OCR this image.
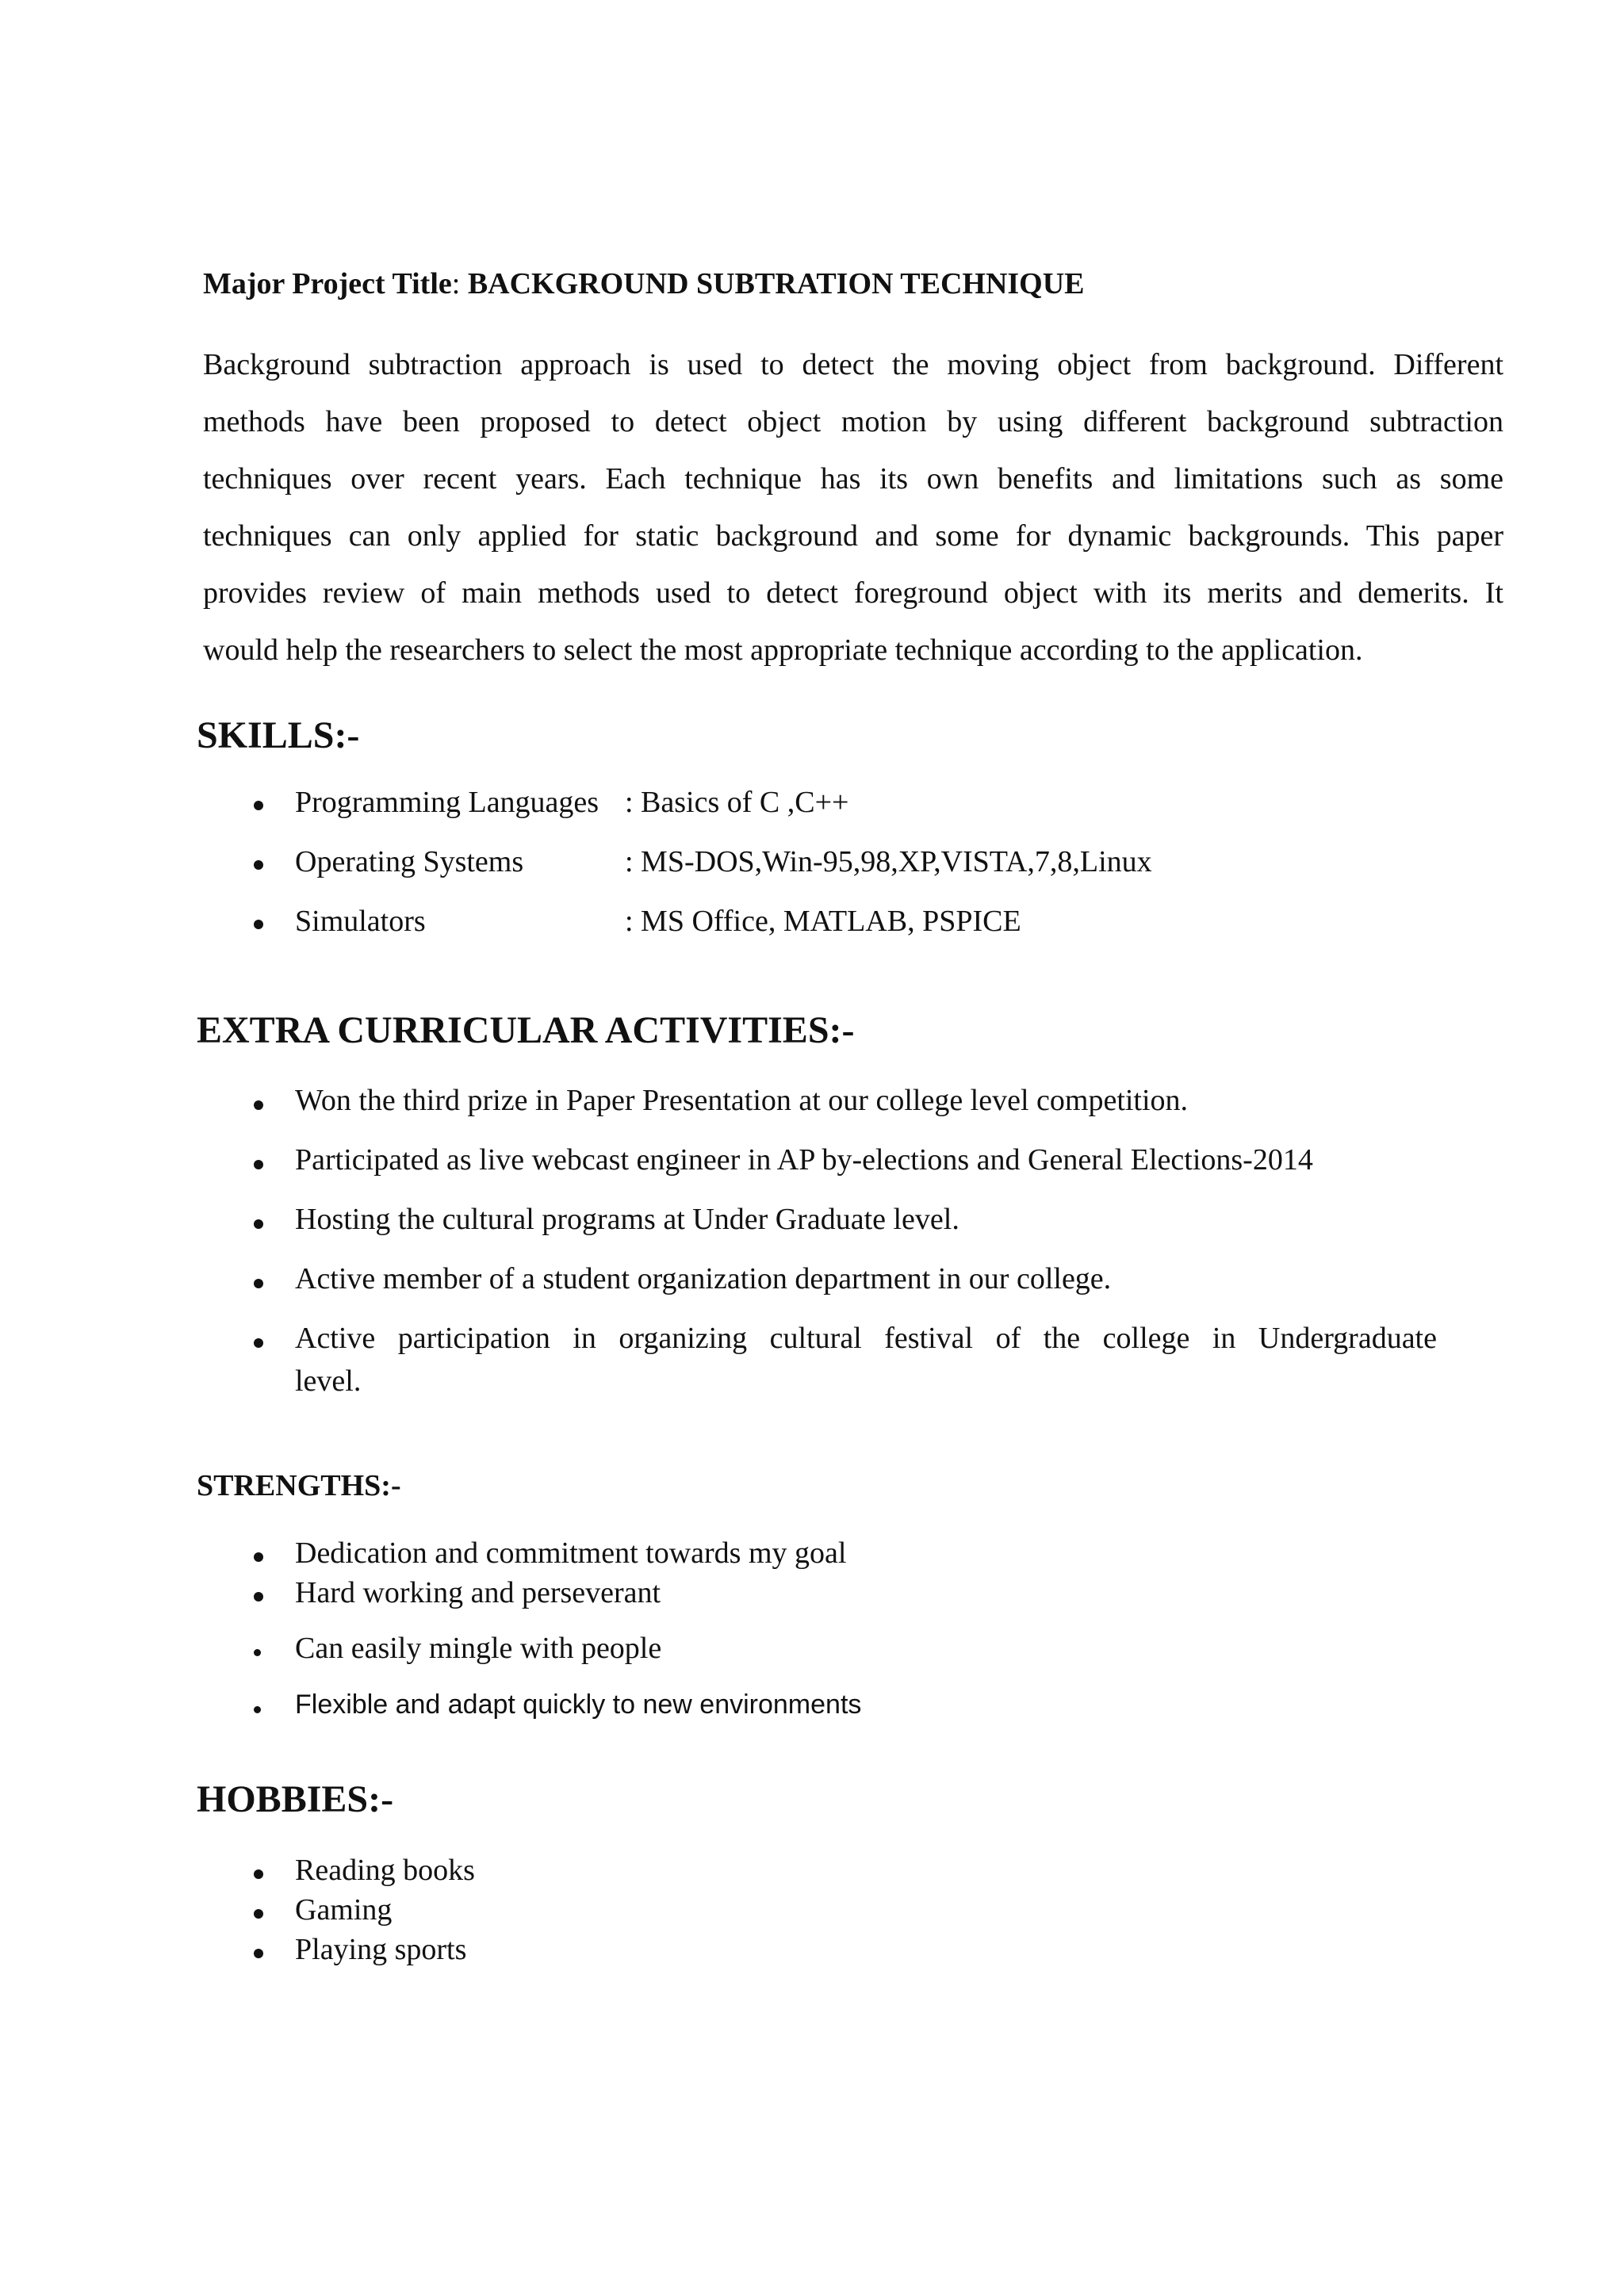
Major Project Title: BACKGROUND SUBTRATION TECHNIQUE
Background subtraction approach is used to detect the moving object from background. Different
methods have been proposed to detect object motion by using different background subtraction
techniques over recent years. Each technique has its own benefits and limitations such as some
techniques can only applied for static background and some for dynamic backgrounds. This paper
provides review of main methods used to detect foreground object with its merits and demerits. It
would help the researchers to select the most appropriate technique according to the application.
SKILLS:-
Programming Languages : Basics of C ,C++
Operating Systems	: MS-DOS,Win-95,98,XP,VISTA,7,8,Linux
Simulators	: MS Office, MATLAB, PSPICE
EXTRA CURRICULAR ACTIVITIES:-
Won the third prize in Paper Presentation at our college level competition.
Participated as live webcast engineer in AP by-elections and General Elections-2014
Hosting the cultural programs at Under Graduate level.
Active member of a student organization department in our college.
Active participation in organizing cultural festival of the college in Undergraduate
level.
STRENGTHS:-
Dedication and commitment towards my goal
Hard working and perseverant
Can easily mingle with people
Flexible and adapt quickly to new environments
HOBBIES:-
Reading books
Gaming
Playing sports
